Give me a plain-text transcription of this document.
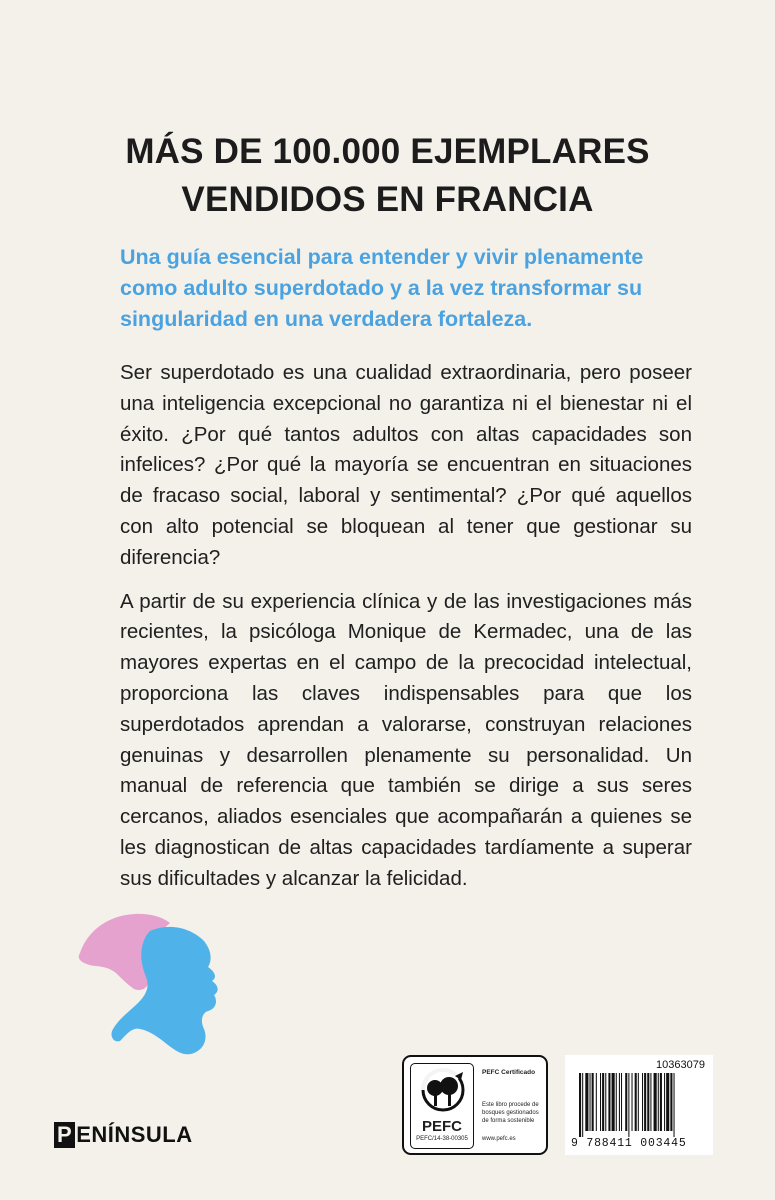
MÁS DE 100.000 EJEMPLARES
VENDIDOS EN FRANCIA
Una guía esencial para entender y vivir plenamente como adulto superdotado y a la vez transformar su singularidad en una verdadera fortaleza.

Ser superdotado es una cualidad extraordinaria, pero poseer una inteligencia excepcional no garantiza ni el bienestar ni el éxito. ¿Por qué tantos adultos con altas capacidades son infelices? ¿Por qué la mayoría se encuentran en situaciones de fracaso social, laboral y sentimental? ¿Por qué aquellos con alto potencial se bloquean al tener que gestionar su diferencia?

A partir de su experiencia clínica y de las investigaciones más recientes, la psicóloga Monique de Kermadec, una de las mayores expertas en el campo de la precocidad intelectual, proporciona las claves indispensables para que los superdotados aprendan a valorarse, construyan relaciones genuinas y desarrollen plenamente su personalidad. Un manual de referencia que también se dirige a sus seres cercanos, aliados esenciales que acompañarán a quienes se les diagnostican de altas capacidades tardíamente a superar sus dificultades y alcanzar la felicidad.

P ENÍNSULA	PEFC
PEFC/14-38-00305
PEFC Certificado
Este libro procede de bosques gestionados de forma sostenible
www.pefc.es
10363079
9 788411 003445
